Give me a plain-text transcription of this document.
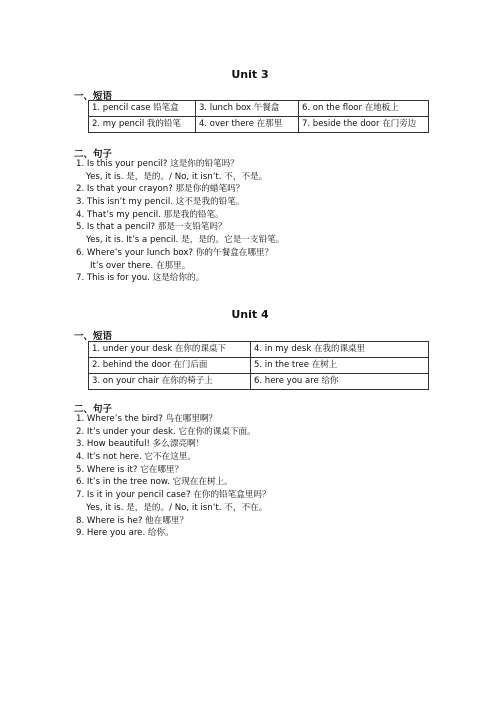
Unit 3
一、短语
1. pencil case 铅笔盒	3. lunch box 午餐盒	6. on the floor 在地板上
2. my pencil 我的铅笔	4. over there 在那里	7. beside the door 在门旁边
二、句子
1. Is this your pencil? 这是你的铅笔吗？
Yes, it is. 是，是的。/ No, it isn’t. 不，不是。
2. Is that your crayon? 那是你的蜡笔吗？
3. This isn’t my pencil. 这不是我的铅笔。
4. That’s my pencil. 那是我的铅笔。
5. Is that a pencil? 那是一支铅笔吗？
Yes, it is. It’s a pencil. 是，是的。它是一支铅笔。
6. Where’s your lunch box? 你的午餐盒在哪里？
It’s over there. 在那里。
7. This is for you. 这是给你的。
Unit 4
一、短语
1. under your desk 在你的课桌下	4. in my desk 在我的课桌里
2. behind the door 在门后面	5. in the tree 在树上
3. on your chair 在你的椅子上	6. here you are 给你
二、句子
1. Where’s the bird? 鸟在哪里啊？
2. It’s under your desk. 它在你的课桌下面。
3. How beautiful! 多么漂亮啊！
4. It’s not here. 它不在这里。
5. Where is it? 它在哪里？
6. It’s in the tree now. 它现在在树上。
7. Is it in your pencil case? 在你的铅笔盒里吗？
Yes, it is. 是，是的。/ No, it isn’t. 不，不在。
8. Where is he? 他在哪里？
9. Here you are. 给你。
